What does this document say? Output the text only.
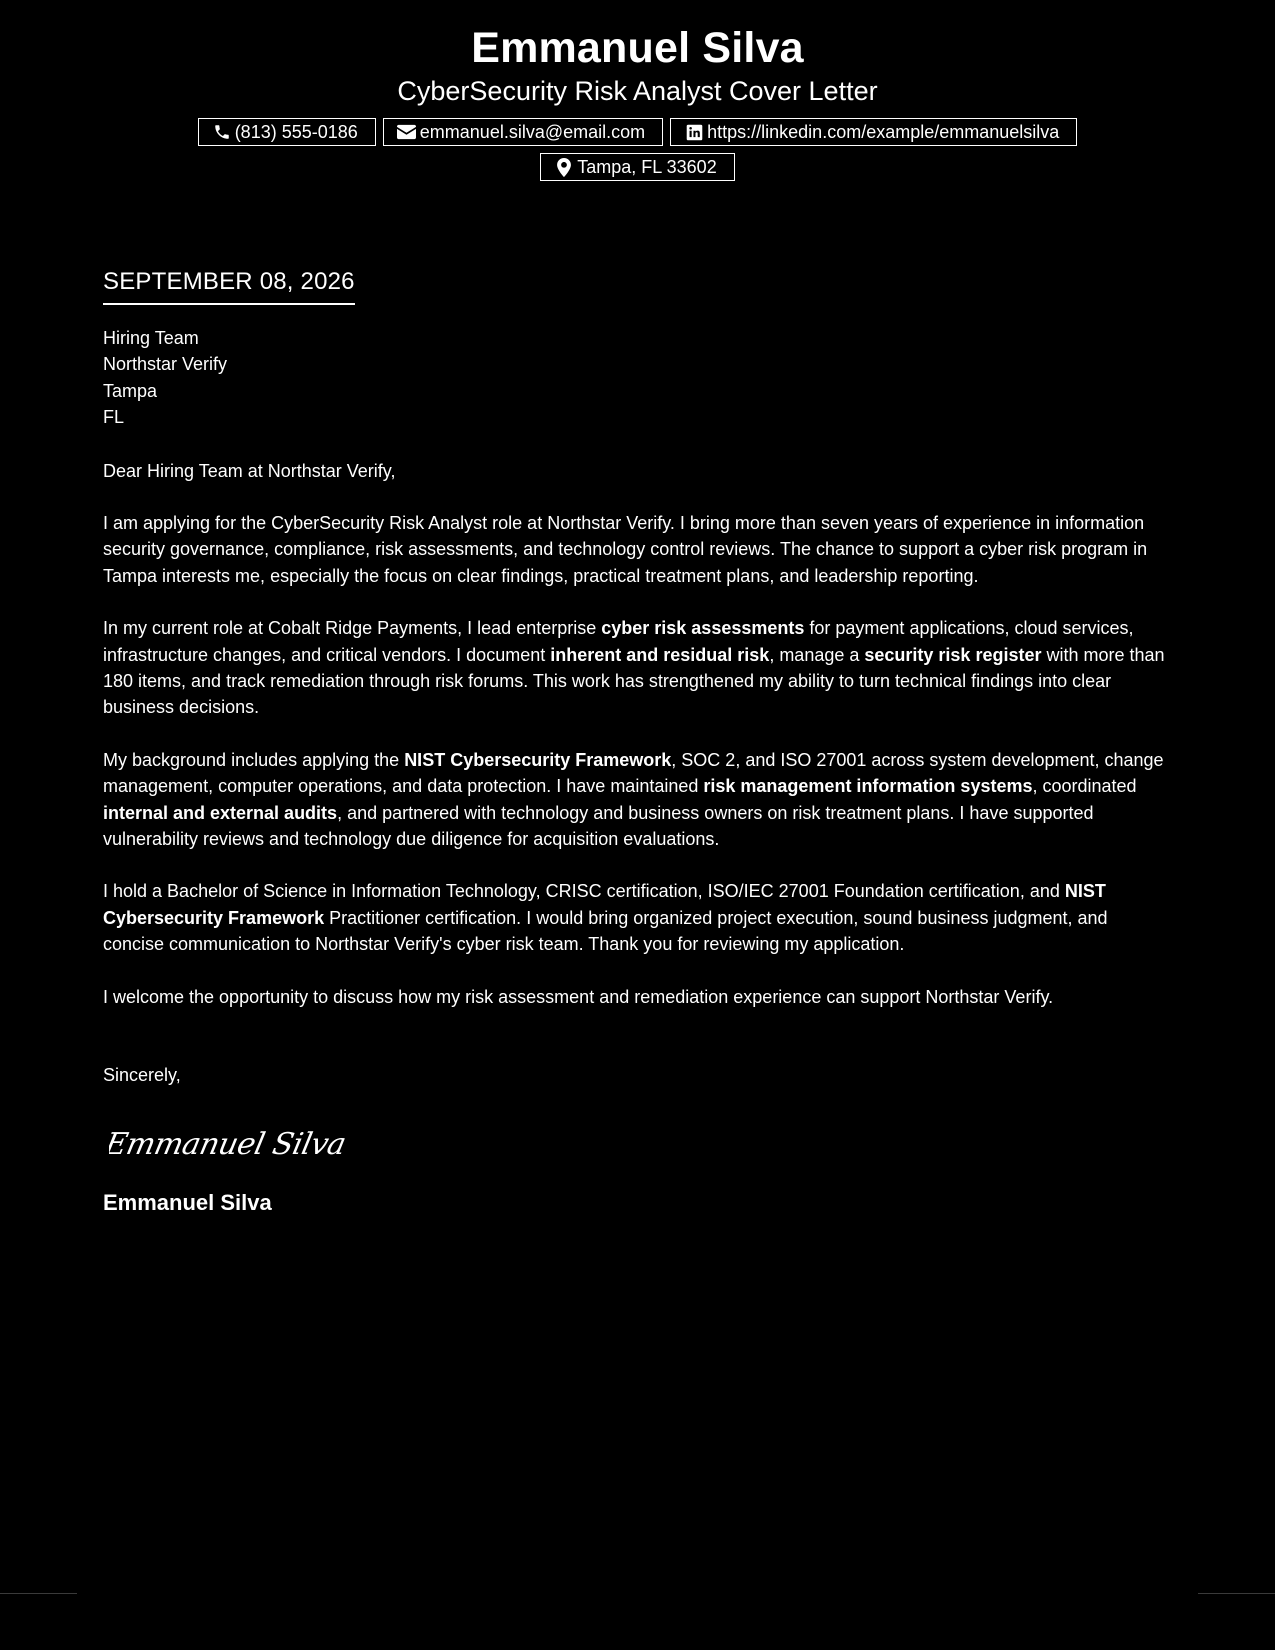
Emmanuel Silva
CyberSecurity Risk Analyst Cover Letter
(813) 555-0186	emmanuel.silva@email.com	https://linkedin.com/example/emmanuelsilva
Tampa, FL 33602
SEPTEMBER 08, 2026
Hiring Team
Northstar Verify
Tampa
FL
Dear Hiring Team at Northstar Verify,

I am applying for the CyberSecurity Risk Analyst role at Northstar Verify. I bring more than seven years of experience in information security governance, compliance, risk assessments, and technology control reviews. The chance to support a cyber risk program in Tampa interests me, especially the focus on clear findings, practical treatment plans, and leadership reporting.

In my current role at Cobalt Ridge Payments, I lead enterprise cyber risk assessments for payment applications, cloud services, infrastructure changes, and critical vendors. I document inherent and residual risk, manage a security risk register with more than 180 items, and track remediation through risk forums. This work has strengthened my ability to turn technical findings into clear business decisions.

My background includes applying the NIST Cybersecurity Framework, SOC 2, and ISO 27001 across system development, change management, computer operations, and data protection. I have maintained risk management information systems, coordinated internal and external audits, and partnered with technology and business owners on risk treatment plans. I have supported vulnerability reviews and technology due diligence for acquisition evaluations.

I hold a Bachelor of Science in Information Technology, CRISC certification, ISO/IEC 27001 Foundation certification, and NIST Cybersecurity Framework Practitioner certification. I would bring organized project execution, sound business judgment, and concise communication to Northstar Verify's cyber risk team. Thank you for reviewing my application.

I welcome the opportunity to discuss how my risk assessment and remediation experience can support Northstar Verify.
Sincerely,
Emmanuel Silva
Emmanuel Silva
